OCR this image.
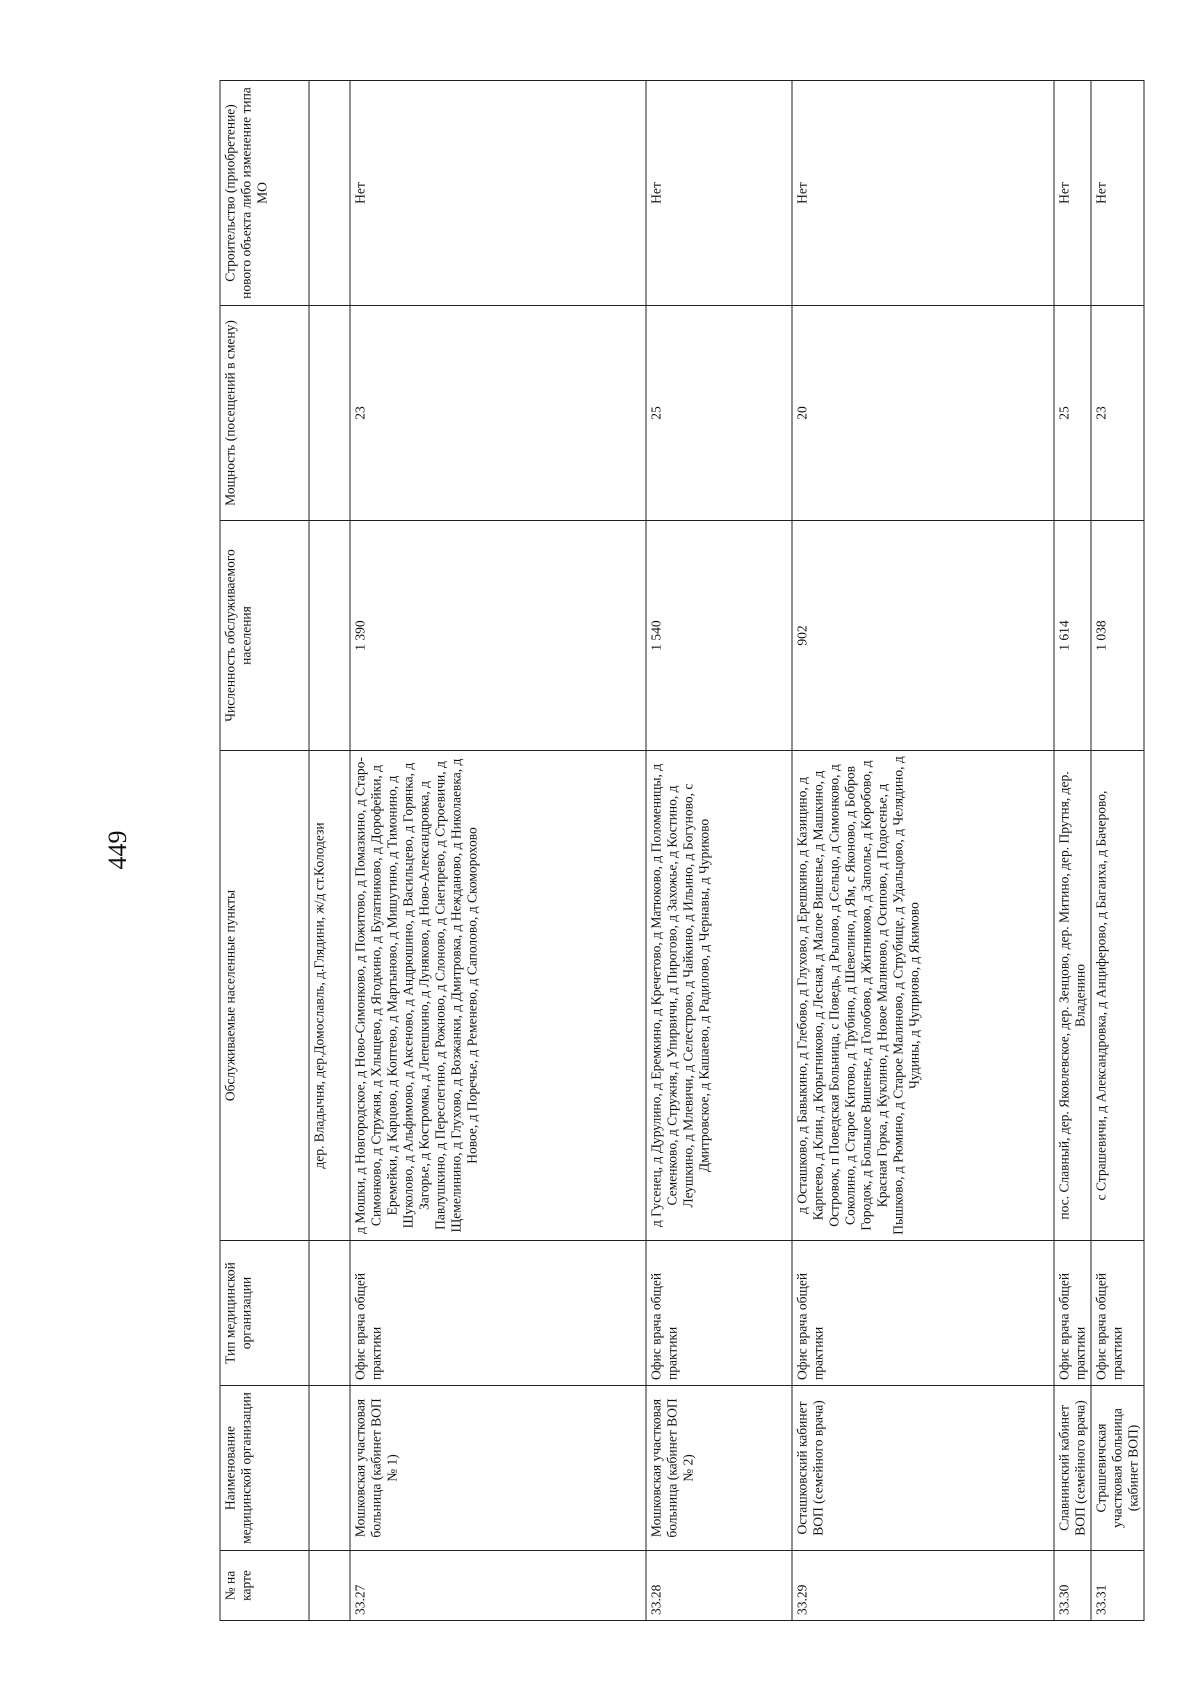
449
№ на карте	Наименование медицинской организации	Тип медицинской организации	Обслуживаемые населенные пункты	Численность обслуживаемого населения	Мощность (посещений в смену)	Строительство (приобретение) нового объекта либо изменение типа МО
			дер. Владычня, дер.Домославль, д.Глядини, ж/д ст.Колодези			
33.27	Мошковская участковая больница (кабинет ВОП № 1)	Офис врача общей практики	д Мошки, д Новгородское, д Ново-Симонково, д Пожитово, д Помазкино, д Старо-Симонково, д Стружня, д Хлыщево, д Ягодкино, д Булатниково, д Дорофейки, д Еремейки, д Карцово, д Коптево, д Мартыново, д Мишутино, д Тимонино, д Шуколово, д Альфимово, д Аксеново, д Андрюшино, д Васильцево, д Горянка, д Загорье, д Костромка, д Лепешкино, д Луняково, д Ново-Александровка, д Павлушкино, д Переслегино, д Рожново, д Слоново, д Снегирево, д Строевичи, д Щемелинино, д Глухово, д Возжанки, д Дмитровка, д Нежданово, д Николаевка, д Новое, д Поречье, д Ременево, д Саполово, д Скоморохово	1 390	23	Нет
33.28	Мошковская участковая больница (кабинет ВОП № 2)	Офис врача общей практики	д Гусенец, д Дурулино, д Еремкино, д Кречетово, д Матюково, д Поломеницы, д Семенково, д Стружня, д Упирвичи, д Пирогово, д Захожье, д Костино, д Леушкино, д Млевичи, д Селестрово, д Чайкино, д Ильино, д Богуново, с Дмитровское, д Кашаево, д Радилово, д Чернавы, д Чуриково	1 540	25	Нет
33.29	Осташковский кабинет ВОП (семейного врача)	Офис врача общей практики	д Осташково, д Бавыкино, д Глебово, д Глухово, д Ерешкино, д Казицино, д Карпеево, д Клин, д Корытниково, д Лесная, д Малое Вишенье, д Машкино, д Островок, п Поведская Больница, с Поведь, д Рылово, д Сельцо, д Симонково, д Соколино, д Старое Китово, д Трубино, д Шевелино, д Ям, с Яконово, д Бобров Городок, д Большое Вишенье, д Голобово, д Житниково, д Заполье, д Коробово, д Красная Горка, д Куклино, д Новое Малиново, д Осипово, д Подосенье, д Пышково, д Рюмино, д Старое Малиново, д Струбище, д Удальцово, д Челядино, д Чудины, д Чуприово, д Якимово	902	20	Нет
33.30	Славнинский кабинет ВОП (семейного врача)	Офис врача общей практики	пос. Славный, дер. Яковлевское, дер. Зенцово, дер. Митино, дер. Прутня, дер. Владенино	1 614	25	Нет
33.31	Страшевичская участковая больница (кабинет ВОП)	Офис врача общей практики	с Страшевичи, д Александровка, д Анциферово, д Багаиха, д Бачерово,	1 038	23	Нет
